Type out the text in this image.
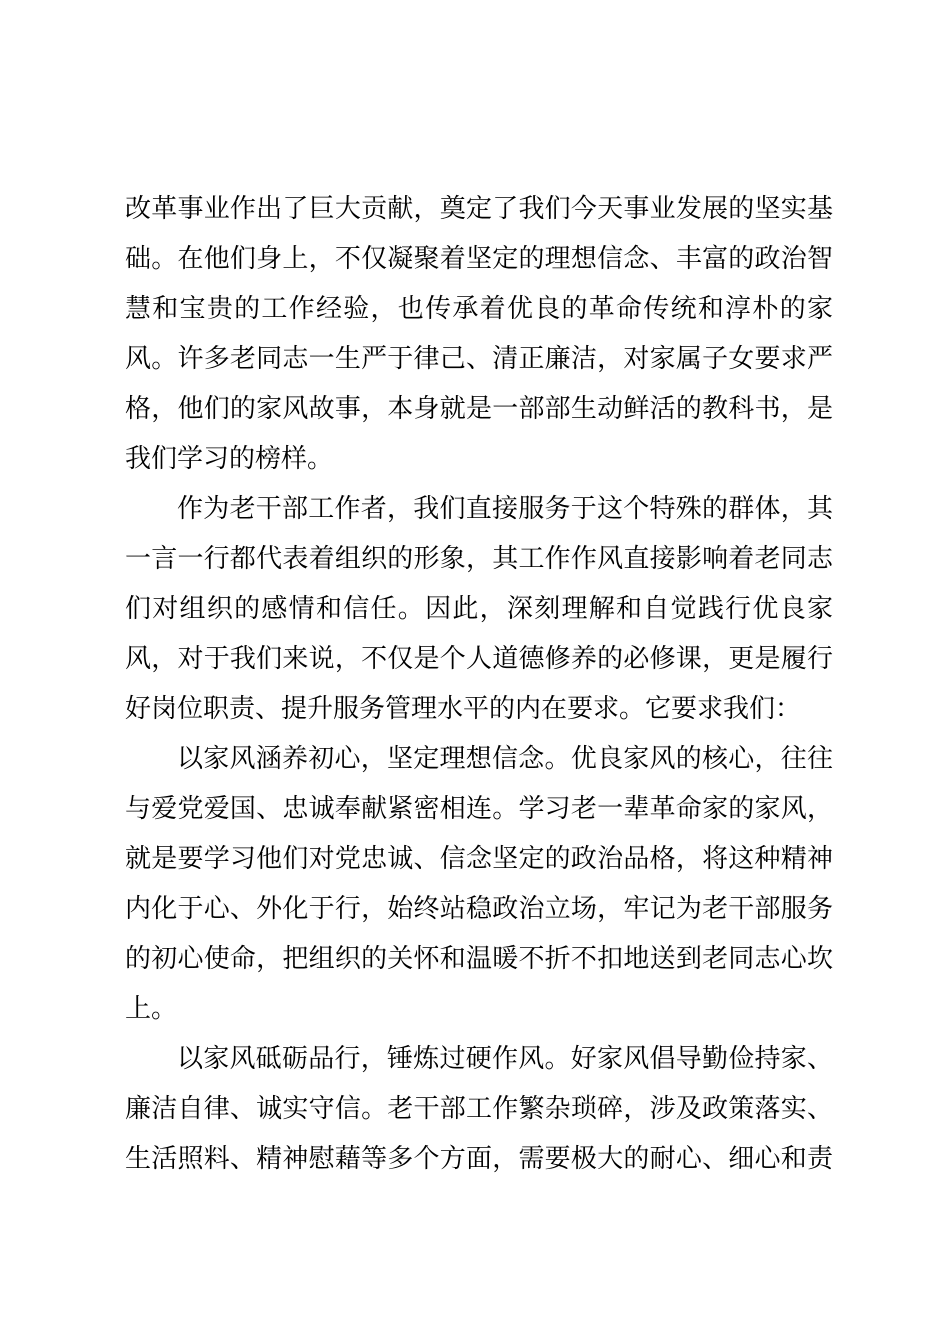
改革事业作出了巨大贡献，奠定了我们今天事业发展的坚实基
础。在他们身上，不仅凝聚着坚定的理想信念、丰富的政治智
慧和宝贵的工作经验，也传承着优良的革命传统和淳朴的家
风。许多老同志一生严于律己、清正廉洁，对家属子女要求严
格，他们的家风故事，本身就是一部部生动鲜活的教科书，是
我们学习的榜样。
作为老干部工作者，我们直接服务于这个特殊的群体，其
一言一行都代表着组织的形象，其工作作风直接影响着老同志
们对组织的感情和信任。因此，深刻理解和自觉践行优良家
风，对于我们来说，不仅是个人道德修养的必修课，更是履行
好岗位职责、提升服务管理水平的内在要求。它要求我们：
以家风涵养初心，坚定理想信念。优良家风的核心，往往
与爱党爱国、忠诚奉献紧密相连。学习老一辈革命家的家风，
就是要学习他们对党忠诚、信念坚定的政治品格，将这种精神
内化于心、外化于行，始终站稳政治立场，牢记为老干部服务
的初心使命，把组织的关怀和温暖不折不扣地送到老同志心坎
上。
以家风砥砺品行，锤炼过硬作风。好家风倡导勤俭持家、
廉洁自律、诚实守信。老干部工作繁杂琐碎，涉及政策落实、
生活照料、精神慰藉等多个方面，需要极大的耐心、细心和责
